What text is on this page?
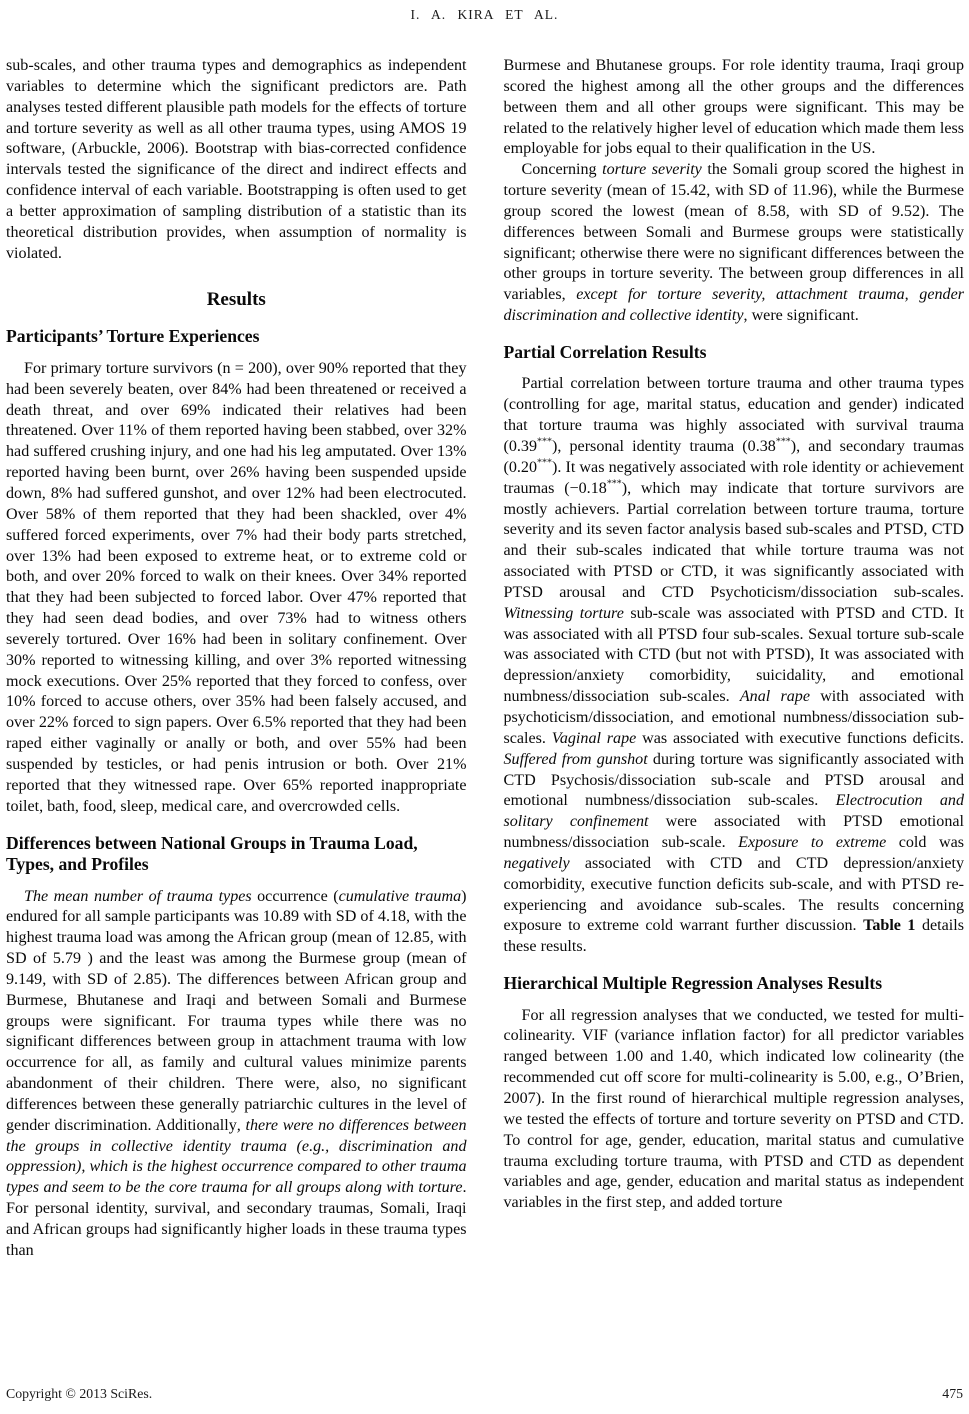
I. A. KIRA ET AL.

sub-scales, and other trauma types and demographics as independent variables to determine which the significant predictors are. Path analyses tested different plausible path models for the effects of torture and torture severity as well as all other trauma types, using AMOS 19 software, (Arbuckle, 2006). Bootstrap with bias-corrected confidence intervals tested the significance of the direct and indirect effects and confidence interval of each variable. Bootstrapping is often used to get a better approximation of sampling distribution of a statistic than its theoretical distribution provides, when assumption of normality is violated.

Results
Participants’ Torture Experiences

For primary torture survivors (n = 200), over 90% reported that they had been severely beaten, over 84% had been threatened or received a death threat, and over 69% indicated their relatives had been threatened. Over 11% of them reported having been stabbed, over 32% had suffered crushing injury, and one had his leg amputated. Over 13% reported having been burnt, over 26% having been suspended upside down, 8% had suffered gunshot, and over 12% had been electrocuted. Over 58% of them reported that they had been shackled, over 4% suffered forced experiments, over 7% had their body parts stretched, over 13% had been exposed to extreme heat, or to extreme cold or both, and over 20% forced to walk on their knees. Over 34% reported that they had been subjected to forced labor. Over 47% reported that they had seen dead bodies, and over 73% had to witness others severely tortured. Over 16% had been in solitary confinement. Over 30% reported to witnessing killing, and over 3% reported witnessing mock executions. Over 25% reported that they forced to confess, over 10% forced to accuse others, over 35% had been falsely accused, and over 22% forced to sign papers. Over 6.5% reported that they had been raped either vaginally or anally or both, and over 55% had been suspended by testicles, or had penis intrusion or both. Over 21% reported that they witnessed rape. Over 65% reported inappropriate toilet, bath, food, sleep, medical care, and overcrowded cells.

Differences between National Groups in Trauma Load, Types, and Profiles

The mean number of trauma types occurrence (cumulative trauma) endured for all sample participants was 10.89 with SD of 4.18, with the highest trauma load was among the African group (mean of 12.85, with SD of 5.79 ) and the least was among the Burmese group (mean of 9.149, with SD of 2.85). The differences between African group and Burmese, Bhutanese and Iraqi and between Somali and Burmese groups were significant. For trauma types while there was no significant differences between group in attachment trauma with low occurrence for all, as family and cultural values minimize parents abandonment of their children. There were, also, no significant differences between these generally patriarchic cultures in the level of gender discrimination. Additionally, there were no differences between the groups in collective identity trauma (e.g., discrimination and oppression), which is the highest occurrence compared to other trauma types and seem to be the core trauma for all groups along with torture. For personal identity, survival, and secondary traumas, Somali, Iraqi and African groups had significantly higher loads in these trauma types than

Burmese and Bhutanese groups. For role identity trauma, Iraqi group scored the highest among all the other groups and the differences between them and all other groups were significant. This may be related to the relatively higher level of education which made them less employable for jobs equal to their qualification in the US.

Concerning torture severity the Somali group scored the highest in torture severity (mean of 15.42, with SD of 11.96), while the Burmese group scored the lowest (mean of 8.58, with SD of 9.52). The differences between Somali and Burmese groups were statistically significant; otherwise there were no significant differences between the other groups in torture severity. The between group differences in all variables, except for torture severity, attachment trauma, gender discrimination and collective identity, were significant.

Partial Correlation Results

Partial correlation between torture trauma and other trauma types (controlling for age, marital status, education and gender) indicated that torture trauma was highly associated with survival trauma (0.39***), personal identity trauma (0.38***), and secondary traumas (0.20***). It was negatively associated with role identity or achievement traumas (−0.18***), which may indicate that torture survivors are mostly achievers. Partial correlation between torture trauma, torture severity and its seven factor analysis based sub-scales and PTSD, CTD and their sub-scales indicated that while torture trauma was not associated with PTSD or CTD, it was significantly associated with PTSD arousal and CTD Psychoticism/dissociation sub-scales. Witnessing torture sub-scale was associated with PTSD and CTD. It was associated with all PTSD four sub-scales. Sexual torture sub-scale was associated with CTD (but not with PTSD), It was associated with depression/anxiety comorbidity, suicidality, and emotional numbness/dissociation sub-scales. Anal rape with associated with psychoticism/dissociation, and emotional numbness/dissociation sub-scales. Vaginal rape was associated with executive functions deficits. Suffered from gunshot during torture was significantly associated with CTD Psychosis/dissociation sub-scale and PTSD arousal and emotional numbness/dissociation sub-scales. Electrocution and solitary confinement were associated with PTSD emotional numbness/dissociation sub-scale. Exposure to extreme cold was negatively associated with CTD and CTD depression/anxiety comorbidity, executive function deficits sub-scale, and with PTSD re-experiencing and avoidance sub-scales. The results concerning exposure to extreme cold warrant further discussion. Table 1 details these results.

Hierarchical Multiple Regression Analyses Results

For all regression analyses that we conducted, we tested for multi-colinearity. VIF (variance inflation factor) for all predictor variables ranged between 1.00 and 1.40, which indicated low colinearity (the recommended cut off score for multi-colinearity is 5.00, e.g., O’Brien, 2007). In the first round of hierarchical multiple regression analyses, we tested the effects of torture and torture severity on PTSD and CTD. To control for age, gender, education, marital status and cumulative trauma excluding torture trauma, with PTSD and CTD as dependent variables and age, gender, education and marital status as independent variables in the first step, and added torture

Copyright © 2013 SciRes.	475
